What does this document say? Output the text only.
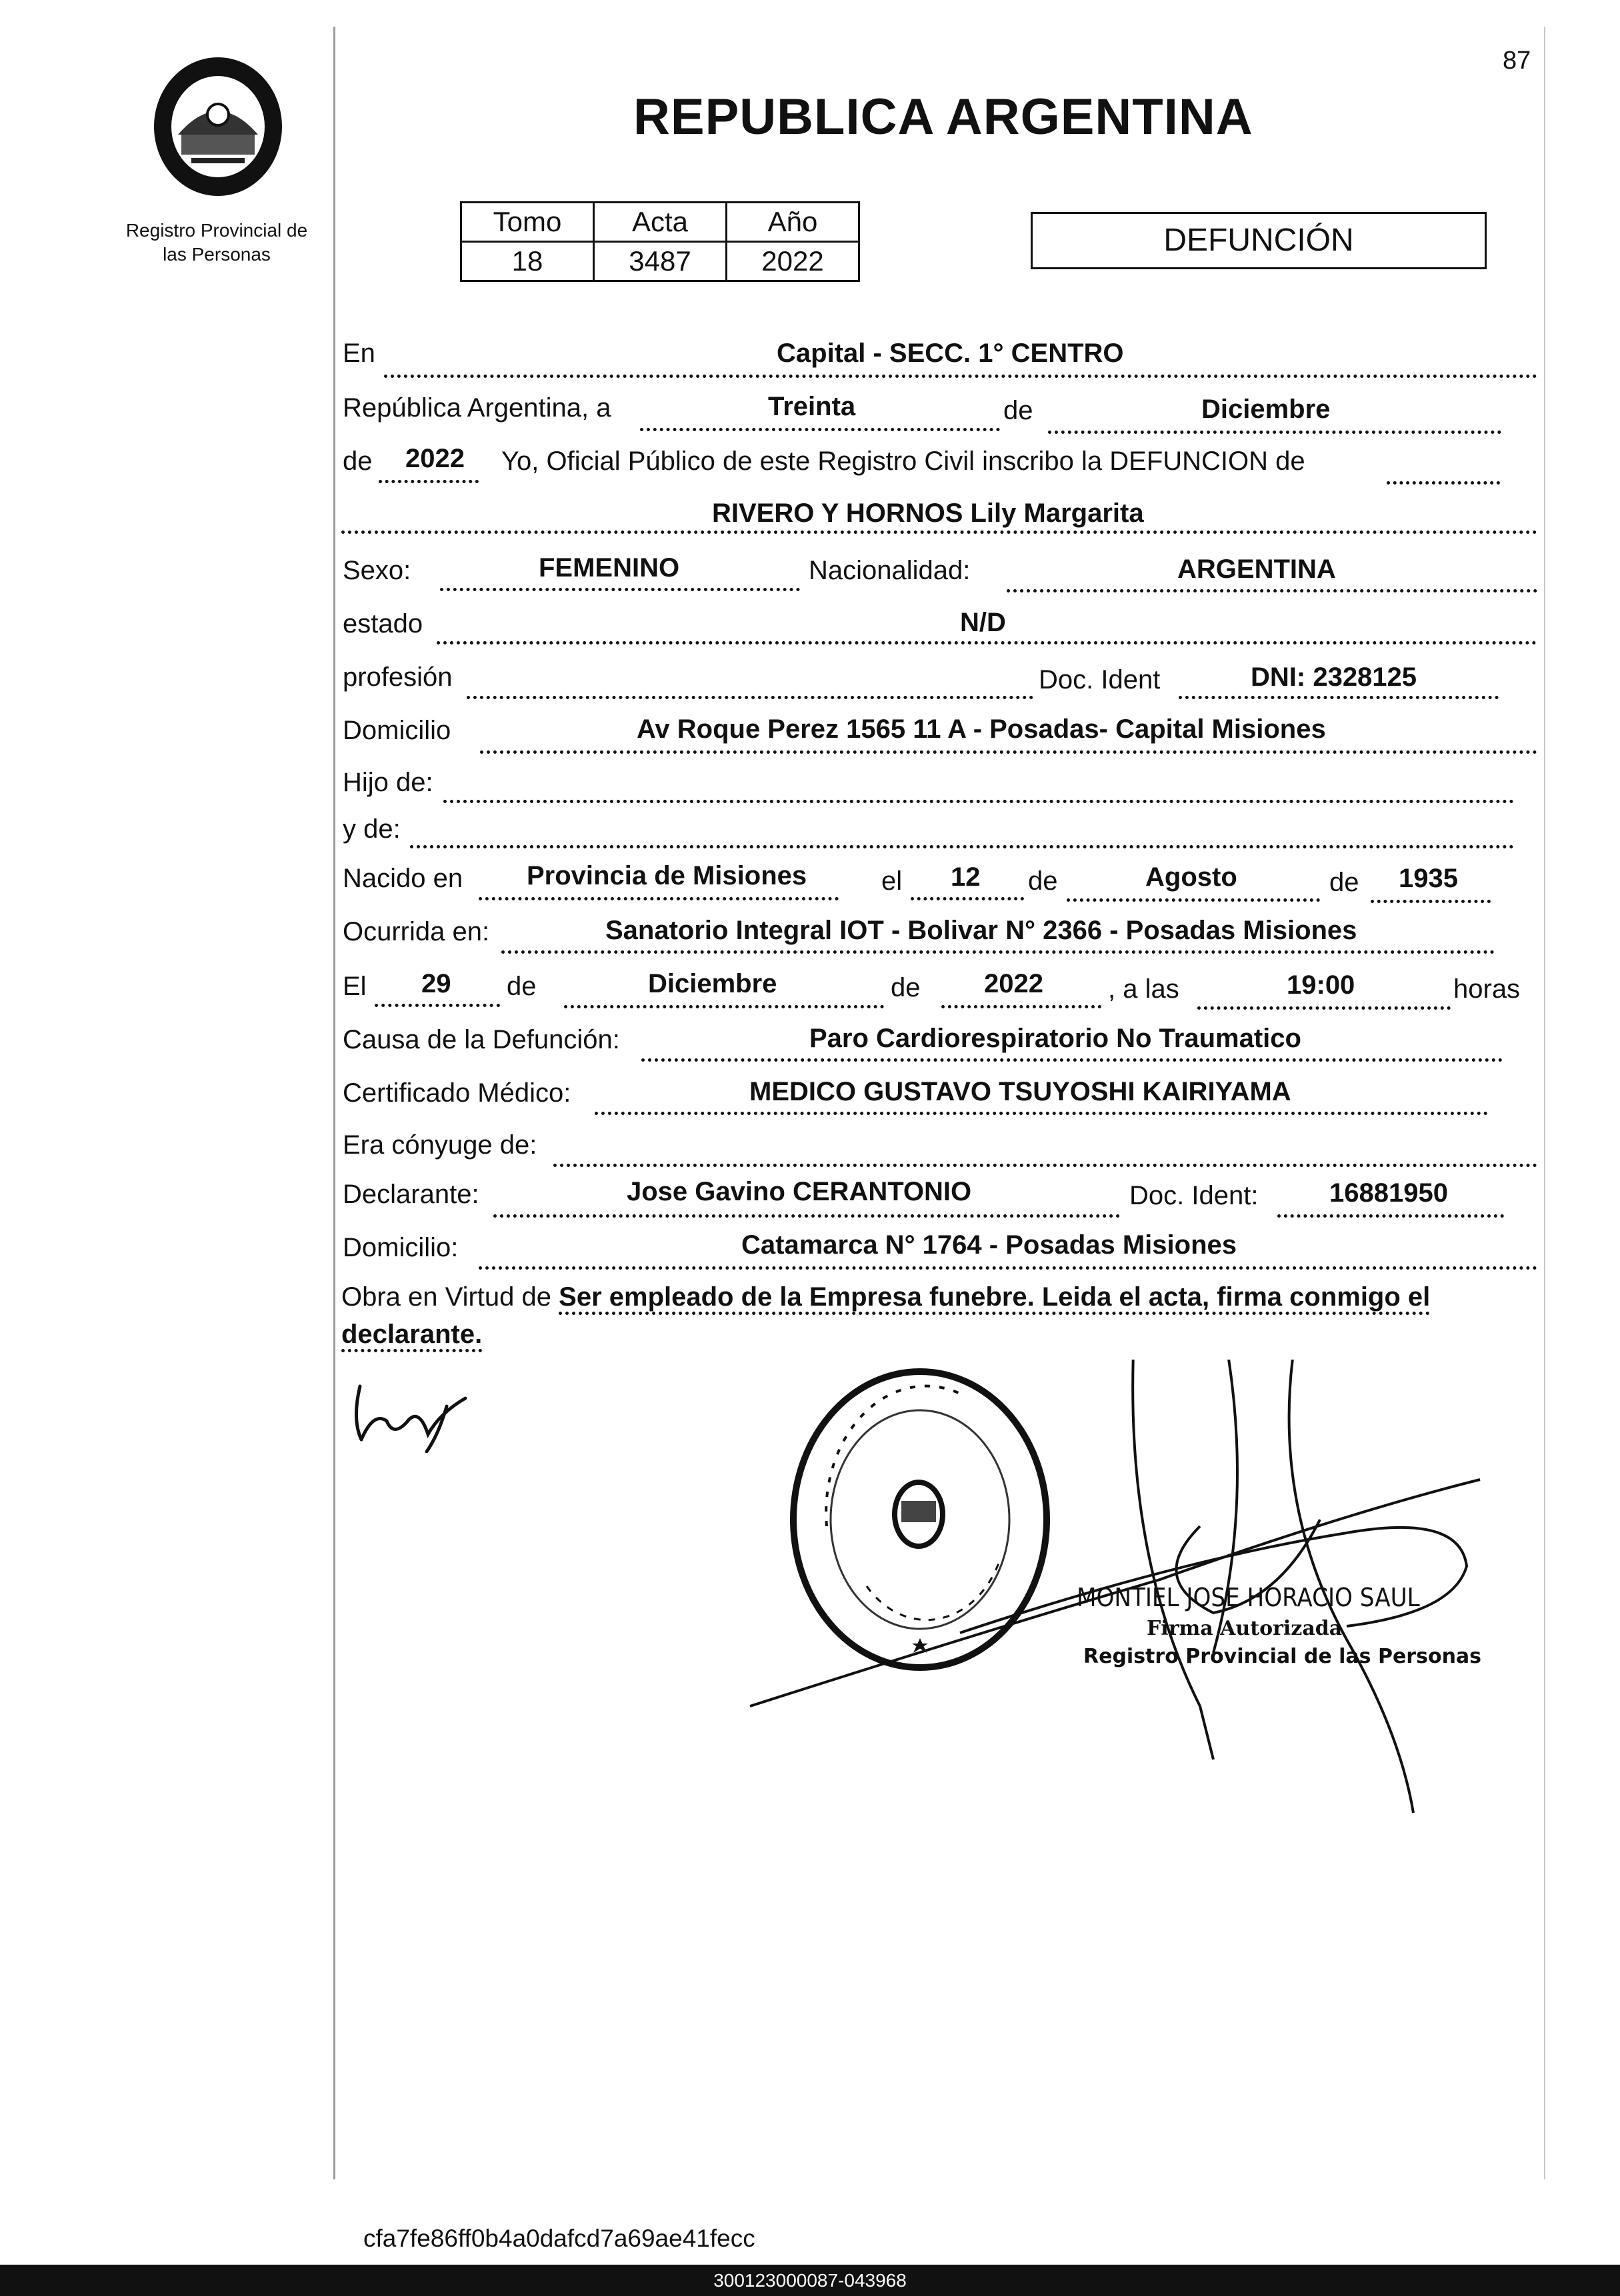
87
Registro Provincial de
las Personas
REPUBLICA ARGENTINA
Tomo	Acta	Año
18	3487	2022
DEFUNCIÓN
En	Capital - SECC. 1° CENTRO
República Argentina, a	Treinta	de	Diciembre
de 2022 Yo, Oficial Público de este Registro Civil inscribo la DEFUNCION de
RIVERO Y HORNOS Lily Margarita
Sexo:	FEMENINO	Nacionalidad:	ARGENTINA
estado	N/D
profesión	Doc. Ident	DNI: 2328125
Domicilio	Av Roque Perez 1565 11 A - Posadas- Capital Misiones
Hijo de:
y de:
Nacido en Provincia de Misiones	el 12 de	Agosto	de 1935
Ocurrida en:	Sanatorio Integral IOT - Bolivar N° 2366 - Posadas Misiones
El 29 de	Diciembre	de 2022 , a las	19:00	horas
Causa de la Defunción:	Paro Cardiorespiratorio No Traumatico
Certificado Médico:	MEDICO GUSTAVO TSUYOSHI KAIRIYAMA
Era cónyuge de:
Declarante:	Jose Gavino CERANTONIO	Doc. Ident:	16881950
Domicilio:	Catamarca N° 1764 - Posadas Misiones
Obra en Virtud de Ser empleado de la Empresa funebre. Leida el acta, firma conmigo el declarante.
MONTIEL JOSE HORACIO SAUL
Firma Autorizada
Registro Provincial de las Personas
cfa7fe86ff0b4a0dafcd7a69ae41fecc
300123000087-043968
